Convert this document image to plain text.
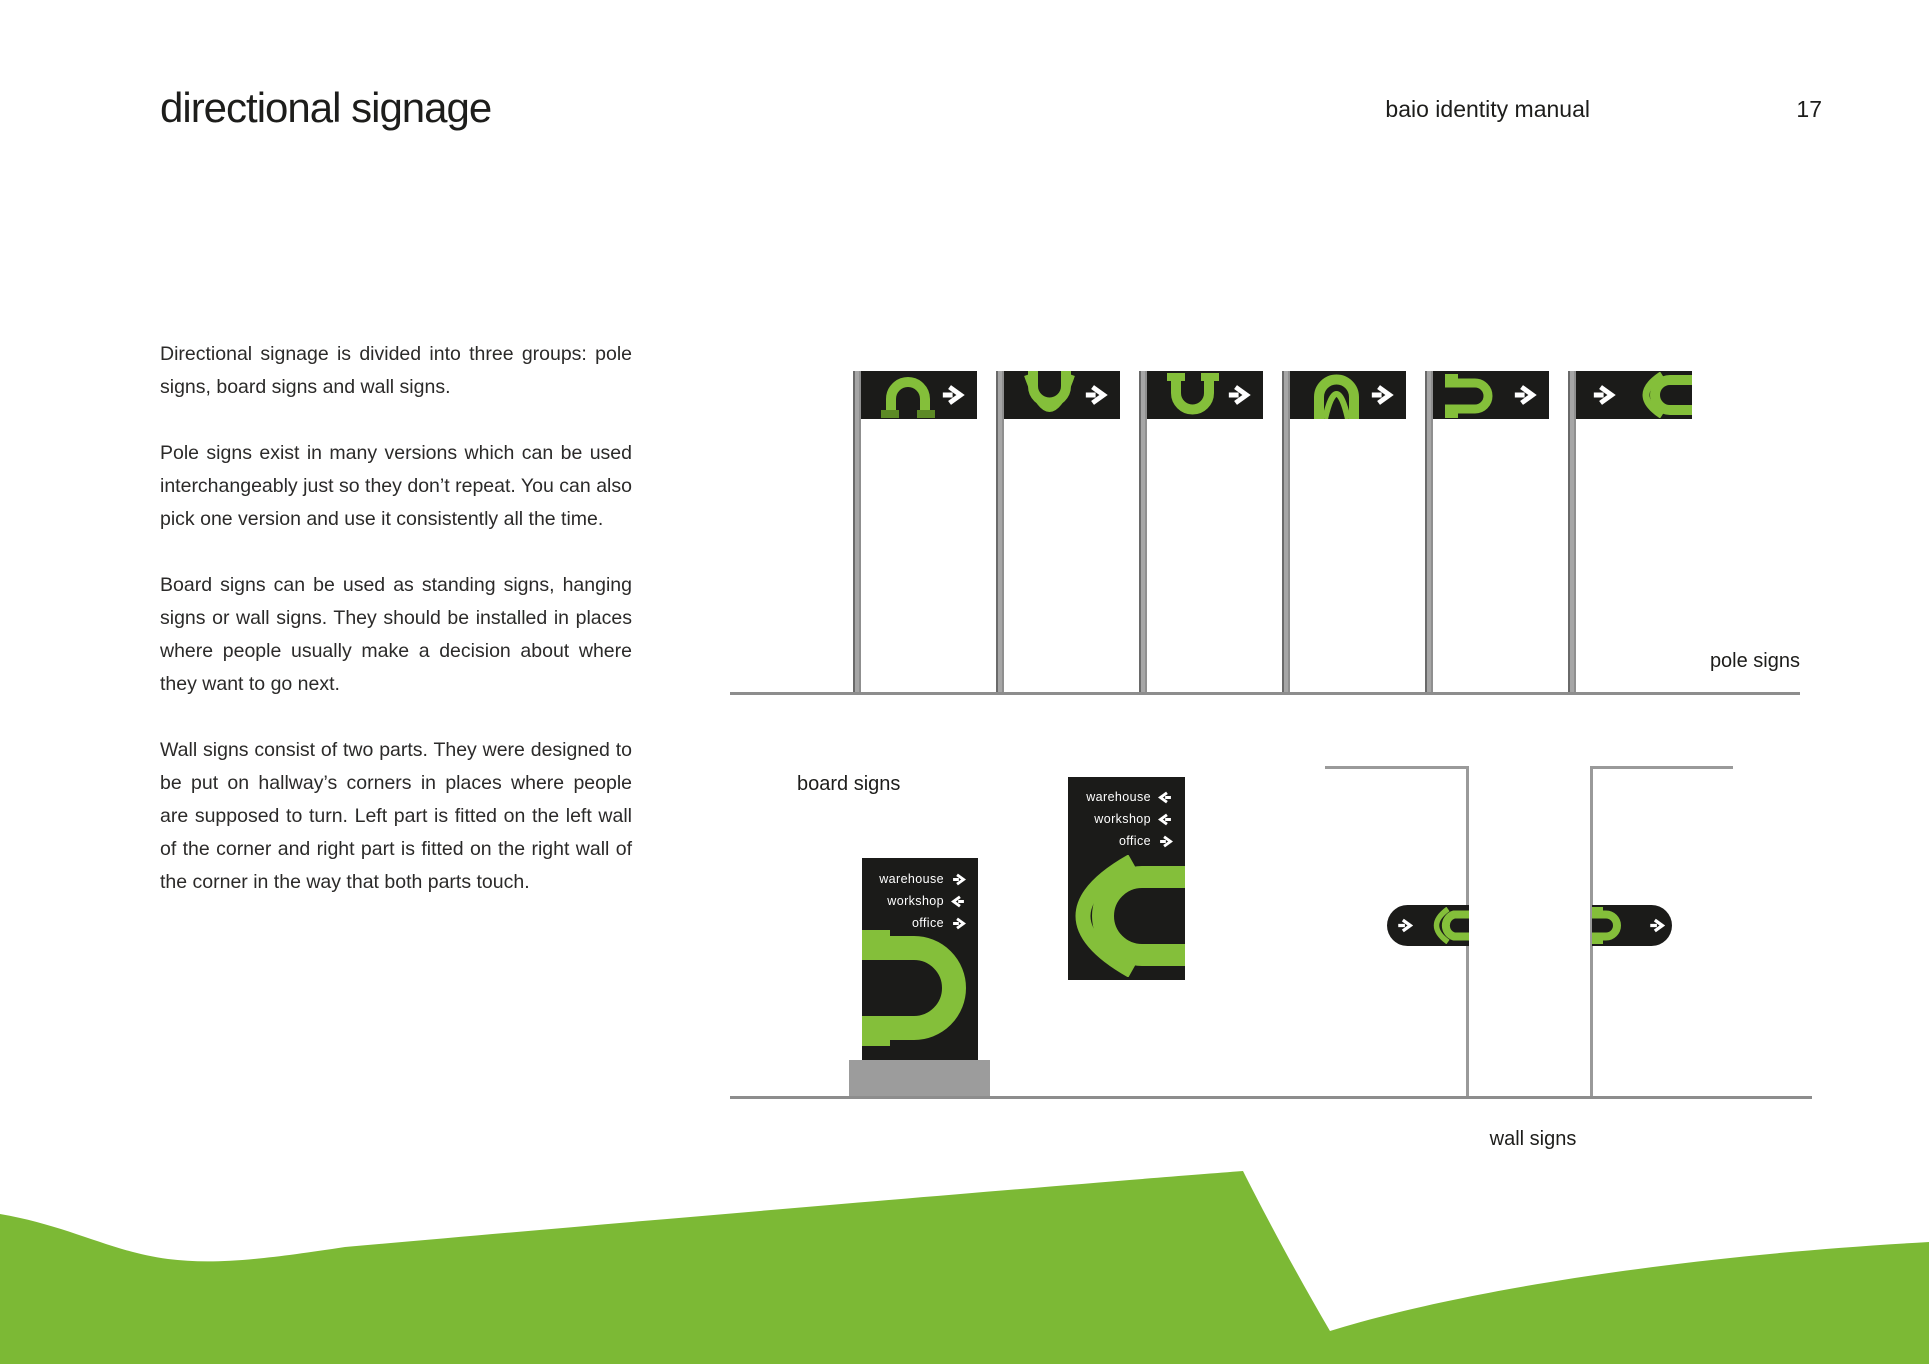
directional signage	baio identity manual	17

Directional signage is divided into three groups: pole signs, board signs and wall signs.

Pole signs exist in many versions which can be used interchangeably just so they don’t repeat. You can also pick one version and use it consistently all the time.

Board signs can be used as standing signs, hanging signs or wall signs. They should be installed in places where people usually make a decision about where they want to go next.

Wall signs consist of two parts. They were designed to be put on hallway’s corners in places where people are supposed to turn. Left part is fitted on the left wall of the corner and right part is fitted on the right wall of the corner in the way that both parts touch.

pole signs
board signs
warehouse
workshop
office
warehouse
workshop
office
wall signs
